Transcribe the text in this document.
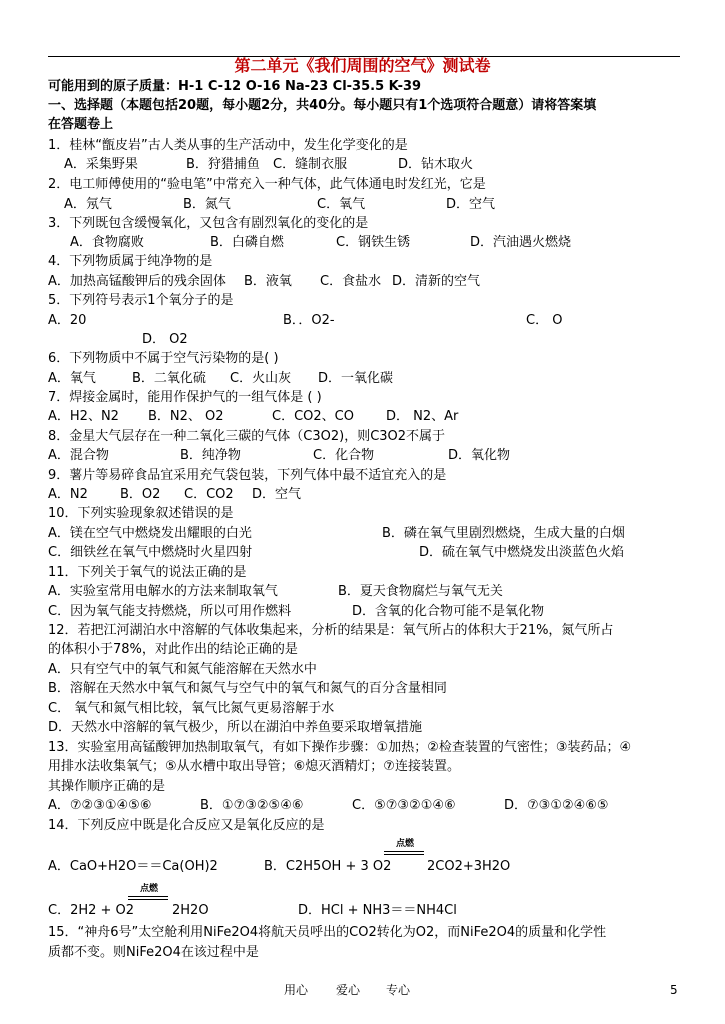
第二单元《我们周围的空气》测试卷
可能用到的原子质量：H-1 C-12 O-16 Na-23 Cl-35.5 K-39
一、选择题（本题包括20题，每小题2分，共40分。每小题只有1个选项符合题意）请将答案填
在答题卷上
1．桂林“甑皮岩”古人类从事的生产活动中，发生化学变化的是
A．采集野果	B．狩猎捕鱼 C．缝制衣服	D．钻木取火
2．电工师傅使用的“验电笔”中常充入一种气体，此气体通电时发红光，它是
A．氖气	B．氮气	C．氧气	D．空气
3．下列既包含缓慢氧化，又包含有剧烈氧化的变化的是
A．食物腐败	B．白磷自燃	C．钢铁生锈	D．汽油遇火燃烧
4．下列物质属于纯净物的是
A．加热高锰酸钾后的残余固体 B．液氧 C．食盐水 D．清新的空气
5．下列符号表示1个氧分子的是
A．20	B．．O2-	C． O
D． O2
6．下列物质中不属于空气污染物的是( )
A．氧气	B．二氧化硫 C．火山灰 D．一氧化碳
7．焊接金属时，能用作保护气的一组气体是 ( )
A．H2、N2 B．N2、 O2	C．CO2、CO D． N2、Ar
8．金星大气层存在一种二氧化三碳的气体（C3O2)，则C3O2不属于
A．混合物	B．纯净物	C．化合物	D．氧化物
9．薯片等易碎食品宜采用充气袋包装，下列气体中最不适宜充入的是
A．N2 B．O2 C．CO2 D．空气
10．下列实验现象叙述错误的是
A．镁在空气中燃烧发出耀眼的白光	B．磷在氧气里剧烈燃烧，生成大量的白烟
C．细铁丝在氧气中燃烧时火星四射	D．硫在氧气中燃烧发出淡蓝色火焰
11．下列关于氧气的说法正确的是
A．实验室常用电解水的方法来制取氧气	B．夏天食物腐烂与氧气无关
C．因为氧气能支持燃烧，所以可用作燃料	D．含氧的化合物可能不是氧化物
12．若把江河湖泊水中溶解的气体收集起来，分析的结果是：氧气所占的体积大于21%，氮气所占
的体积小于78%，对此作出的结论正确的是
A．只有空气中的氧气和氮气能溶解在天然水中
B．溶解在天然水中氧气和氮气与空气中的氧气和氮气的百分含量相同
C． 氧气和氮气相比较，氧气比氮气更易溶解于水
D．天然水中溶解的氧气极少，所以在湖泊中养鱼要采取增氧措施
13．实验室用高锰酸钾加热制取氧气，有如下操作步骤：①加热；②检查装置的气密性；③装药品；④
用排水法收集氧气；⑤从水槽中取出导管；⑥熄灭酒精灯；⑦连接装置。
其操作顺序正确的是
A．⑦②③①④⑤⑥	B．①⑦③②⑤④⑥	C．⑤⑦③②①④⑥	D．⑦③①②④⑥⑤
14．下列反应中既是化合反应又是氧化反应的是
点燃
A．CaO+H2O＝＝Ca(OH)2	B．C2H5OH + 3 O2	2CO2+3H2O
点燃
C．2H2 + O2	2H2O	D．HCl + NH3＝＝NH4Cl
15．“神舟6号”太空舱利用NiFe2O4将航天员呼出的CO2转化为O2，而NiFe2O4的质量和化学性
质都不变。则NiFe2O4在该过程中是
用心 爱心 专心	5
